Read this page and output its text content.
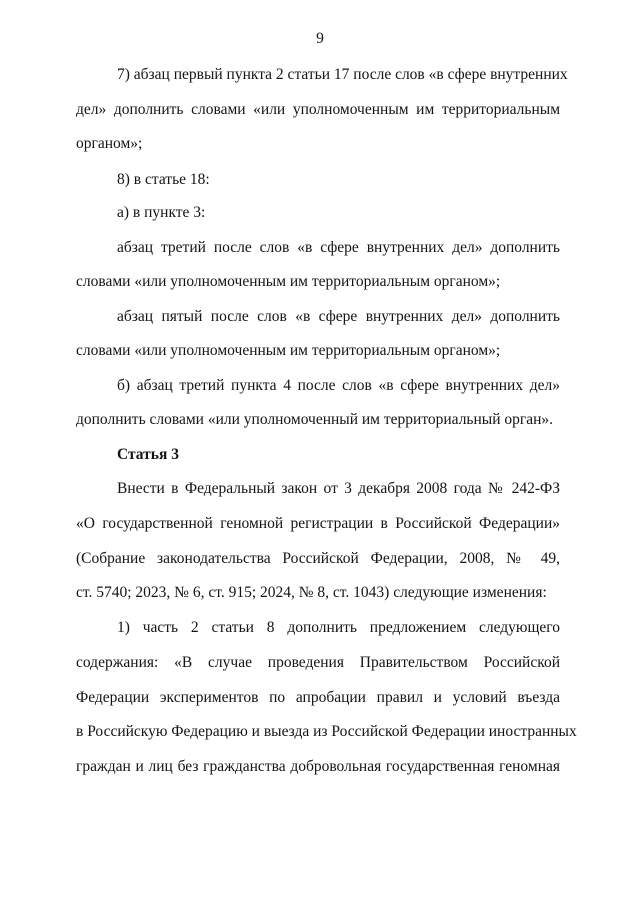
9
7) абзац первый пункта 2 статьи 17 после слов «в сфере внутренних
дел» дополнить словами «или уполномоченным им территориальным
органом»;
8) в статье 18:
а) в пункте 3:
абзац третий после слов «в сфере внутренних дел» дополнить
словами «или уполномоченным им территориальным органом»;
абзац пятый после слов «в сфере внутренних дел» дополнить
словами «или уполномоченным им территориальным органом»;
б) абзац третий пункта 4 после слов «в сфере внутренних дел»
дополнить словами «или уполномоченный им территориальный орган».
Статья 3
Внести в Федеральный закон от 3 декабря 2008 года № 242-ФЗ
«О государственной геномной регистрации в Российской Федерации»
(Собрание законодательства Российской Федерации, 2008, № 49,
ст. 5740; 2023, № 6, ст. 915; 2024, № 8, ст. 1043) следующие изменения:
1) часть 2 статьи 8 дополнить предложением следующего
содержания: «В случае проведения Правительством Российской
Федерации экспериментов по апробации правил и условий въезда
в Российскую Федерацию и выезда из Российской Федерации иностранных
граждан и лиц без гражданства добровольная государственная геномная
